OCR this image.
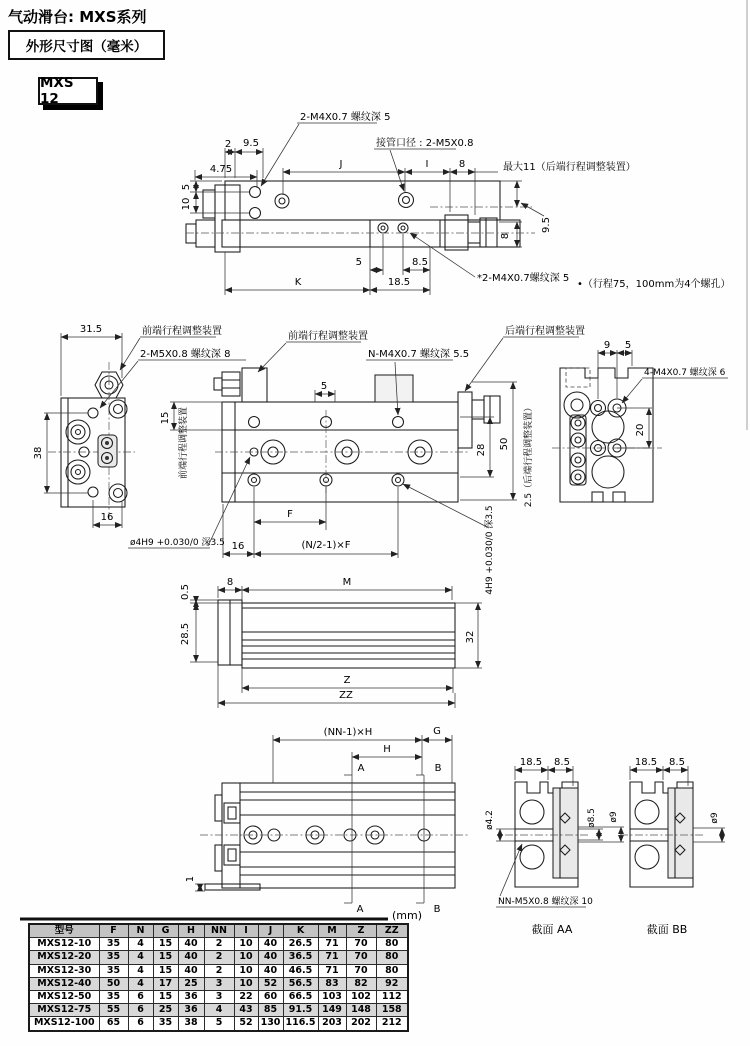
气动滑台: MXS系列
外形尺寸图（毫米）
MXS 12
2 9.5
4.75	J	I	8	最大11（后端行程调整装置）
5
10
9.5
8
5	8.5
K	18.5
2-M4X0.7 螺纹深 5
接管口径 : 2-M5X0.8
*2-M4X0.7螺纹深 5
•（行程75，100mm为4个螺孔）
31.5
38
16
前端行程调整装置
2-M5X0.8 螺纹深 8
5
28 50 2.5（后端行程调整装置）
15 前端行程调整装置
前端行程调整装置
N-M4X0.7 螺纹深 5.5
后端行程调整装置
F
16	(N/2-1)×F
ø4H9 +0.030/0 深3.5	4H9 +0.030/0 深3.5
9 5
4-M4X0.7 螺纹深 6
20
8	M
0.5
28.5	32
Z
ZZ
(NN-1)×H	G
H
A	B
A	B
1
(mm)
18.5 8.5
ø4.2	ø8.5 ø9
NN-M5X0.8 螺纹深 10
截面 AA
18.5 8.5
ø9
截面 BB
型号	F	N	G	H	NN	I	J	K	M	Z	ZZ
MXS12-10	35	4	15	40	2	10	40	26.5	71	70	80
MXS12-20	35	4	15	40	2	10	40	36.5	71	70	80
MXS12-30	35	4	15	40	2	10	40	46.5	71	70	80
MXS12-40	50	4	17	25	3	10	52	56.5	83	82	92
MXS12-50	35	6	15	36	3	22	60	66.5	103	102	112
MXS12-75	55	6	25	36	4	43	85	91.5	149	148	158
MXS12-100	65	6	35	38	5	52	130	116.5	203	202	212
